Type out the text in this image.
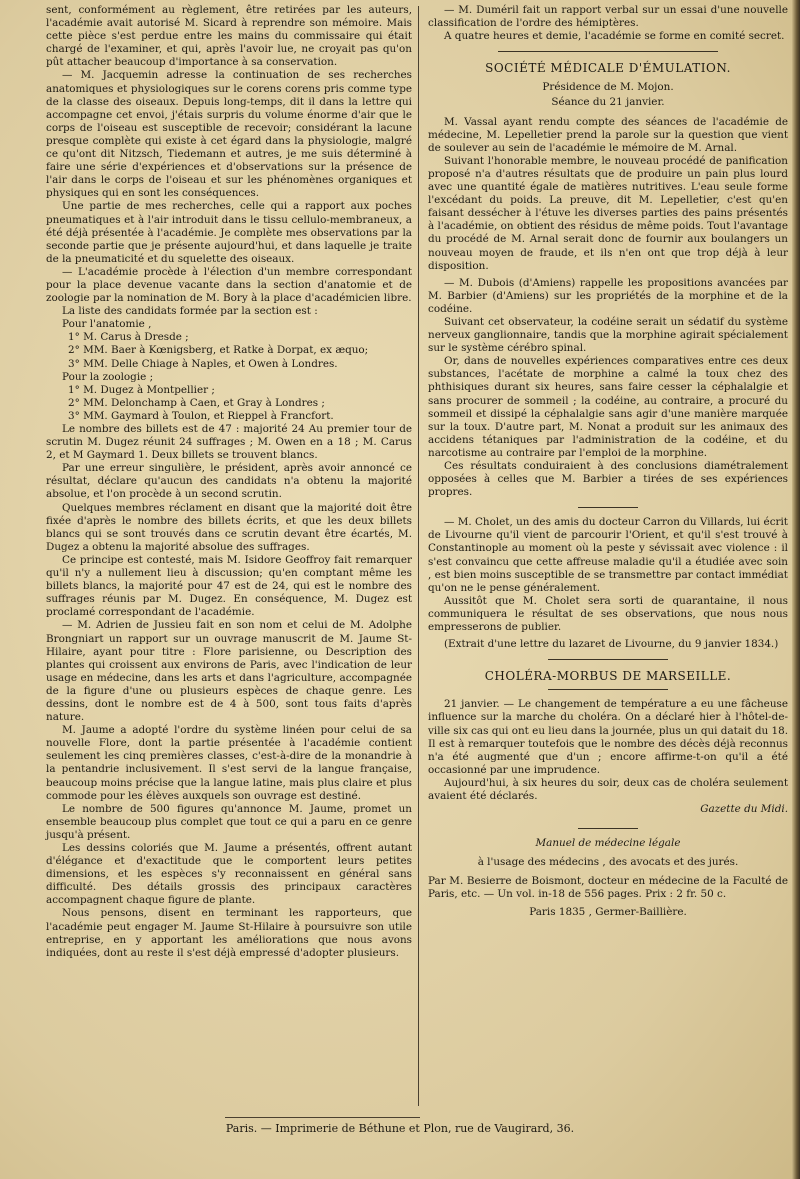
sent, conformément au règlement, être retirées par les auteurs, l'académie avait autorisé M. Sicard à reprendre son mémoire. Mais cette pièce s'est perdue entre les mains du commissaire qui était chargé de l'examiner, et qui, après l'avoir lue, ne croyait pas qu'on pût attacher beaucoup d'importance à sa conservation.

— M. Jacquemin adresse la continuation de ses recherches anatomiques et physiologiques sur le corens corens pris comme type de la classe des oiseaux. Depuis long-temps, dit il dans la lettre qui accompagne cet envoi, j'étais surpris du volume énorme d'air que le corps de l'oiseau est susceptible de recevoir; considérant la lacune presque complète qui existe à cet égard dans la physiologie, malgré ce qu'ont dit Nitzsch, Tiedemann et autres, je me suis déterminé à faire une série d'expériences et d'observations sur la présence de l'air dans le corps de l'oiseau et sur les phénomènes organiques et physiques qui en sont les conséquences.

Une partie de mes recherches, celle qui a rapport aux poches pneumatiques et à l'air introduit dans le tissu cellulo-membraneux, a été déjà présentée à l'académie. Je complète mes observations par la seconde partie que je présente aujourd'hui, et dans laquelle je traite de la pneumaticité et du squelette des oiseaux.

— L'académie procède à l'élection d'un membre correspondant pour la place devenue vacante dans la section d'anatomie et de zoologie par la nomination de M. Bory à la place d'académicien libre.

La liste des candidats formée par la section est :

Pour l'anatomie ,

1° M. Carus à Dresde ;

2° MM. Baer à Kœnigsberg, et Ratke à Dorpat, ex æquo;

3° MM. Delle Chiage à Naples, et Owen à Londres.

Pour la zoologie ;

1° M. Dugez à Montpellier ;

2° MM. Delonchamp à Caen, et Gray à Londres ;

3° MM. Gaymard à Toulon, et Rieppel à Francfort.

Le nombre des billets est de 47 : majorité 24 Au premier tour de scrutin M. Dugez réunit 24 suffrages ; M. Owen en a 18 ; M. Carus 2, et M Gaymard 1. Deux billets se trouvent blancs.

Par une erreur singulière, le président, après avoir annoncé ce résultat, déclare qu'aucun des candidats n'a obtenu la majorité absolue, et l'on procède à un second scrutin.

Quelques membres réclament en disant que la majorité doit être fixée d'après le nombre des billets écrits, et que les deux billets blancs qui se sont trouvés dans ce scrutin devant être écartés, M. Dugez a obtenu la majorité absolue des suffrages.

Ce principe est contesté, mais M. Isidore Geoffroy fait remarquer qu'il n'y a nullement lieu à discussion; qu'en comptant même les billets blancs, la majorité pour 47 est de 24, qui est le nombre des suffrages réunis par M. Dugez. En conséquence, M. Dugez est proclamé correspondant de l'académie.

— M. Adrien de Jussieu fait en son nom et celui de M. Adolphe Brongniart un rapport sur un ouvrage manuscrit de M. Jaume St-Hilaire, ayant pour titre : Flore parisienne, ou Description des plantes qui croissent aux environs de Paris, avec l'indication de leur usage en médecine, dans les arts et dans l'agriculture, accompagnée de la figure d'une ou plusieurs espèces de chaque genre. Les dessins, dont le nombre est de 4 à 500, sont tous faits d'après nature.

M. Jaume a adopté l'ordre du système linéen pour celui de sa nouvelle Flore, dont la partie présentée à l'académie contient seulement les cinq premières classes, c'est-à-dire de la monandrie à la pentandrie inclusivement. Il s'est servi de la langue française, beaucoup moins précise que la langue latine, mais plus claire et plus commode pour les élèves auxquels son ouvrage est destiné.

Le nombre de 500 figures qu'annonce M. Jaume, promet un ensemble beaucoup plus complet que tout ce qui a paru en ce genre jusqu'à présent.

Les dessins coloriés que M. Jaume a présentés, offrent autant d'élégance et d'exactitude que le comportent leurs petites dimensions, et les espèces s'y reconnaissent en général sans difficulté. Des détails grossis des principaux caractères accompagnent chaque figure de plante.

Nous pensons, disent en terminant les rapporteurs, que l'académie peut engager M. Jaume St-Hilaire à poursuivre son utile entreprise, en y apportant les améliorations que nous avons indiquées, dont au reste il s'est déjà empressé d'adopter plusieurs.

— M. Duméril fait un rapport verbal sur un essai d'une nouvelle classification de l'ordre des hémiptères.

A quatre heures et demie, l'académie se forme en comité secret.

SOCIÉTÉ MÉDICALE D'ÉMULATION.
Présidence de M. Mojon.
Séance du 21 janvier.

M. Vassal ayant rendu compte des séances de l'académie de médecine, M. Lepelletier prend la parole sur la question que vient de soulever au sein de l'académie le mémoire de M. Arnal.

Suivant l'honorable membre, le nouveau procédé de panification proposé n'a d'autres résultats que de produire un pain plus lourd avec une quantité égale de matières nutritives. L'eau seule forme l'excédant du poids. La preuve, dit M. Lepelletier, c'est qu'en faisant dessécher à l'étuve les diverses parties des pains présentés à l'académie, on obtient des résidus de même poids. Tout l'avantage du procédé de M. Arnal serait donc de fournir aux boulangers un nouveau moyen de fraude, et ils n'en ont que trop déjà à leur disposition.

— M. Dubois (d'Amiens) rappelle les propositions avancées par M. Barbier (d'Amiens) sur les propriétés de la morphine et de la codéine.

Suivant cet observateur, la codéine serait un sédatif du système nerveux ganglionnaire, tandis que la morphine agirait spécialement sur le système cérébro spinal.

Or, dans de nouvelles expériences comparatives entre ces deux substances, l'acétate de morphine a calmé la toux chez des phthisiques durant six heures, sans faire cesser la céphalalgie et sans procurer de sommeil ; la codéine, au contraire, a procuré du sommeil et dissipé la céphalalgie sans agir d'une manière marquée sur la toux. D'autre part, M. Nonat a produit sur les animaux des accidens tétaniques par l'administration de la codéine, et du narcotisme au contraire par l'emploi de la morphine.

Ces résultats conduiraient à des conclusions diamétralement opposées à celles que M. Barbier a tirées de ses expériences propres.

— M. Cholet, un des amis du docteur Carron du Villards, lui écrit de Livourne qu'il vient de parcourir l'Orient, et qu'il s'est trouvé à Constantinople au moment où la peste y sévissait avec violence : il s'est convaincu que cette affreuse maladie qu'il a étudiée avec soin , est bien moins susceptible de se transmettre par contact immédiat qu'on ne le pense généralement.

Aussitôt que M. Cholet sera sorti de quarantaine, il nous communiquera le résultat de ses observations, que nous nous empresserons de publier.

(Extrait d'une lettre du lazaret de Livourne, du 9 janvier 1834.)

CHOLÉRA-MORBUS DE MARSEILLE.

21 janvier. — Le changement de température a eu une fâcheuse influence sur la marche du choléra. On a déclaré hier à l'hôtel-de-ville six cas qui ont eu lieu dans la journée, plus un qui datait du 18. Il est à remarquer toutefois que le nombre des décès déjà reconnus n'a été augmenté que d'un ; encore affirme-t-on qu'il a été occasionné par une imprudence.

Aujourd'hui, à six heures du soir, deux cas de choléra seulement avaient été déclarés.

Gazette du Midi.
Manuel de médecine légale
à l'usage des médecins , des avocats et des jurés.

Par M. Besierre de Boismont, docteur en médecine de la Faculté de Paris, etc. — Un vol. in-18 de 556 pages. Prix : 2 fr. 50 c.

Paris 1835 , Germer-Baillière.
Paris. — Imprimerie de Béthune et Plon, rue de Vaugirard, 36.
